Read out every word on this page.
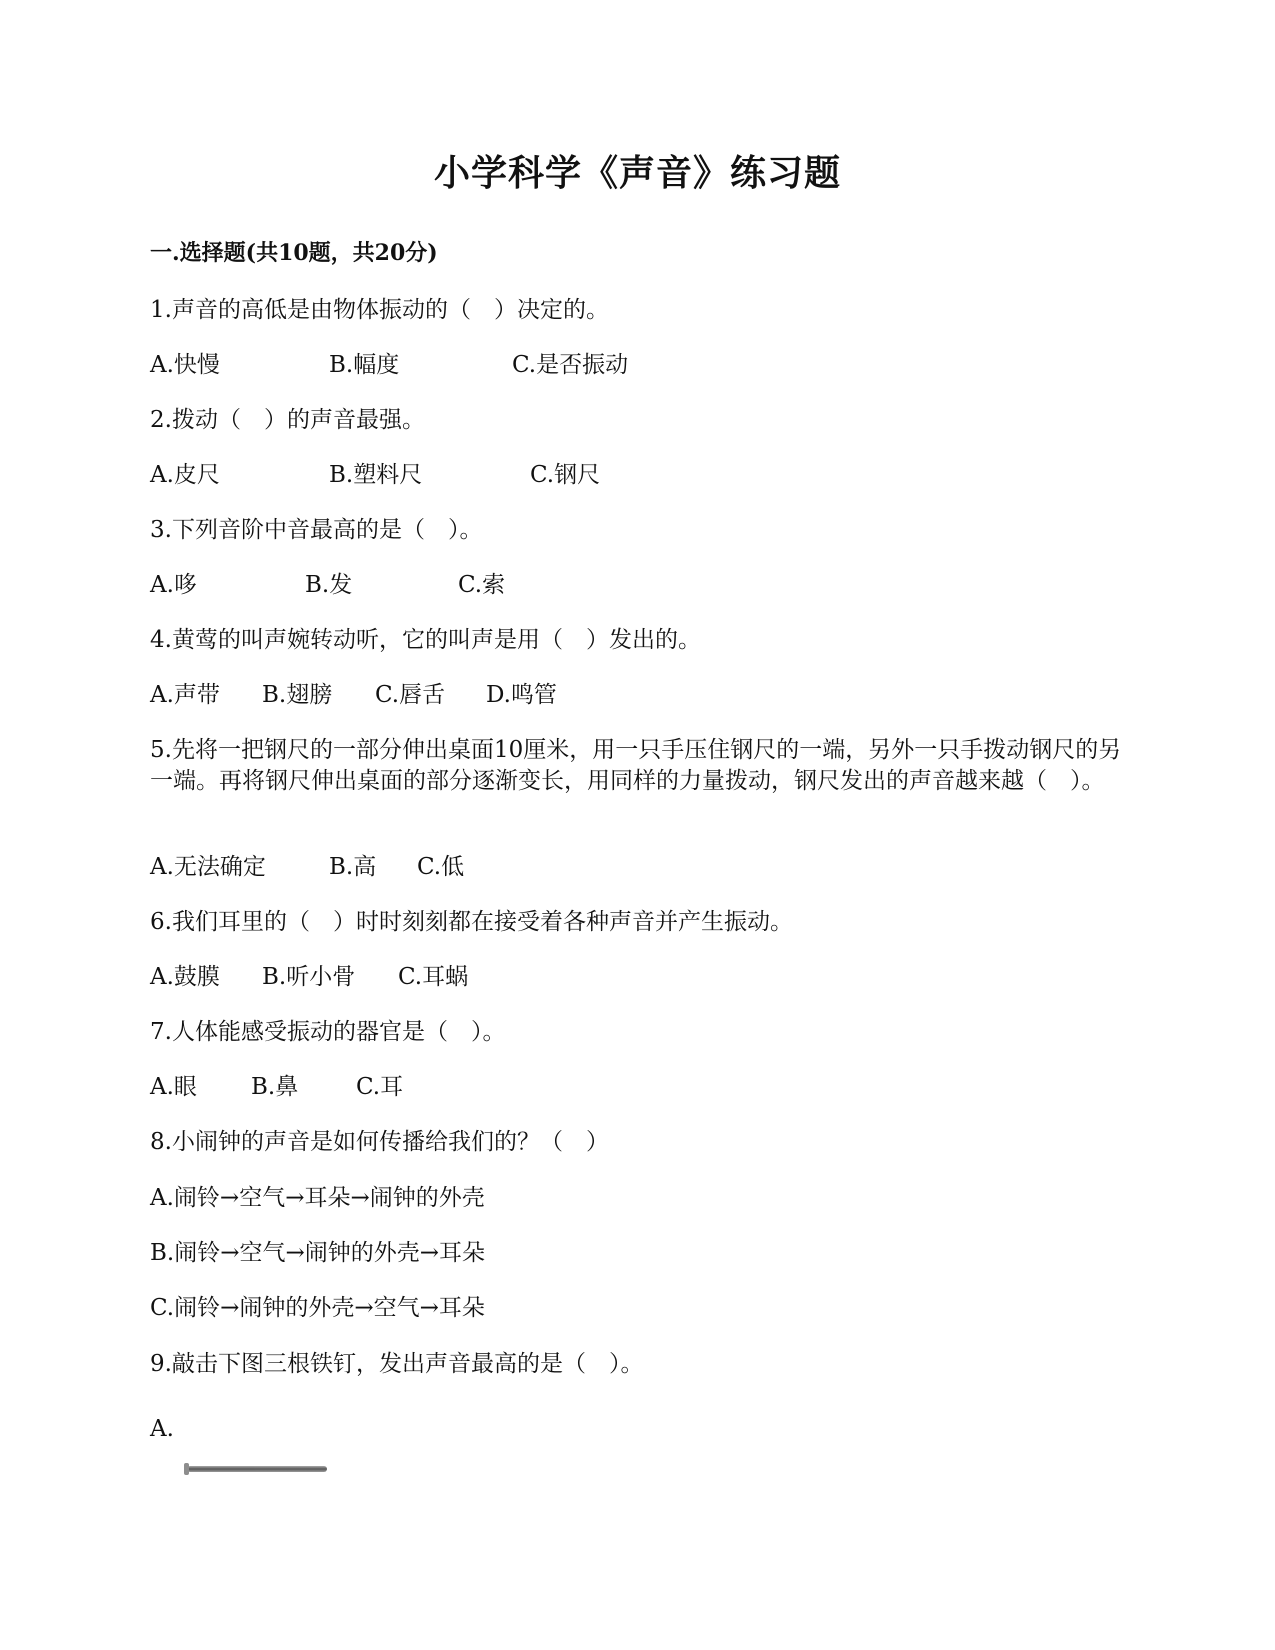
小学科学《声音》练习题
一.选择题(共10题，共20分)
1.声音的高低是由物体振动的（　）决定的。
A.快慢	B.幅度	C.是否振动
2.拨动（　）的声音最强。
A.皮尺	B.塑料尺	C.钢尺
3.下列音阶中音最高的是（　）。
A.哆	B.发	C.索
4.黄莺的叫声婉转动听，它的叫声是用（　）发出的。
A.声带 B.翅膀 C.唇舌 D.鸣管
5.先将一把钢尺的一部分伸出桌面10厘米，用一只手压住钢尺的一端，另外一只手拨动钢尺的另一端。再将钢尺伸出桌面的部分逐渐变长，用同样的力量拨动，钢尺发出的声音越来越（　）。
A.无法确定	B.高 C.低
6.我们耳里的（　）时时刻刻都在接受着各种声音并产生振动。
A.鼓膜 B.听小骨 C.耳蜗
7.人体能感受振动的器官是（　）。
A.眼 B.鼻	C.耳
8.小闹钟的声音是如何传播给我们的？（　）
A.闹铃→空气→耳朵→闹钟的外壳
B.闹铃→空气→闹钟的外壳→耳朵
C.闹铃→闹钟的外壳→空气→耳朵
9.敲击下图三根铁钉，发出声音最高的是（　）。
A.
